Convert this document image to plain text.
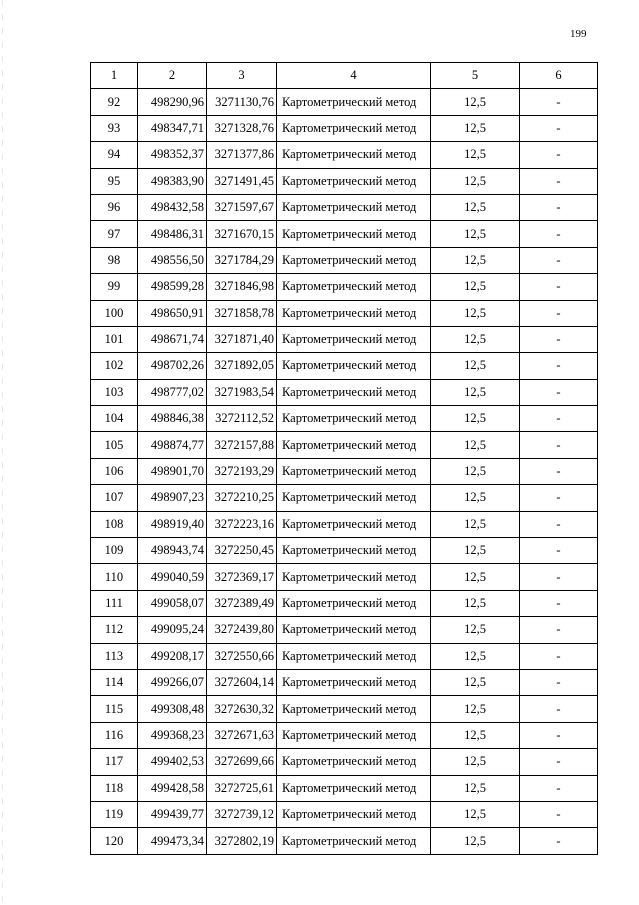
199
1	2	3	4	5	6
92	498290,96	3271130,76	Картометрический метод	12,5	-
93	498347,71	3271328,76	Картометрический метод	12,5	-
94	498352,37	3271377,86	Картометрический метод	12,5	-
95	498383,90	3271491,45	Картометрический метод	12,5	-
96	498432,58	3271597,67	Картометрический метод	12,5	-
97	498486,31	3271670,15	Картометрический метод	12,5	-
98	498556,50	3271784,29	Картометрический метод	12,5	-
99	498599,28	3271846,98	Картометрический метод	12,5	-
100	498650,91	3271858,78	Картометрический метод	12,5	-
101	498671,74	3271871,40	Картометрический метод	12,5	-
102	498702,26	3271892,05	Картометрический метод	12,5	-
103	498777,02	3271983,54	Картометрический метод	12,5	-
104	498846,38	3272112,52	Картометрический метод	12,5	-
105	498874,77	3272157,88	Картометрический метод	12,5	-
106	498901,70	3272193,29	Картометрический метод	12,5	-
107	498907,23	3272210,25	Картометрический метод	12,5	-
108	498919,40	3272223,16	Картометрический метод	12,5	-
109	498943,74	3272250,45	Картометрический метод	12,5	-
110	499040,59	3272369,17	Картометрический метод	12,5	-
111	499058,07	3272389,49	Картометрический метод	12,5	-
112	499095,24	3272439,80	Картометрический метод	12,5	-
113	499208,17	3272550,66	Картометрический метод	12,5	-
114	499266,07	3272604,14	Картометрический метод	12,5	-
115	499308,48	3272630,32	Картометрический метод	12,5	-
116	499368,23	3272671,63	Картометрический метод	12,5	-
117	499402,53	3272699,66	Картометрический метод	12,5	-
118	499428,58	3272725,61	Картометрический метод	12,5	-
119	499439,77	3272739,12	Картометрический метод	12,5	-
120	499473,34	3272802,19	Картометрический метод	12,5	-
